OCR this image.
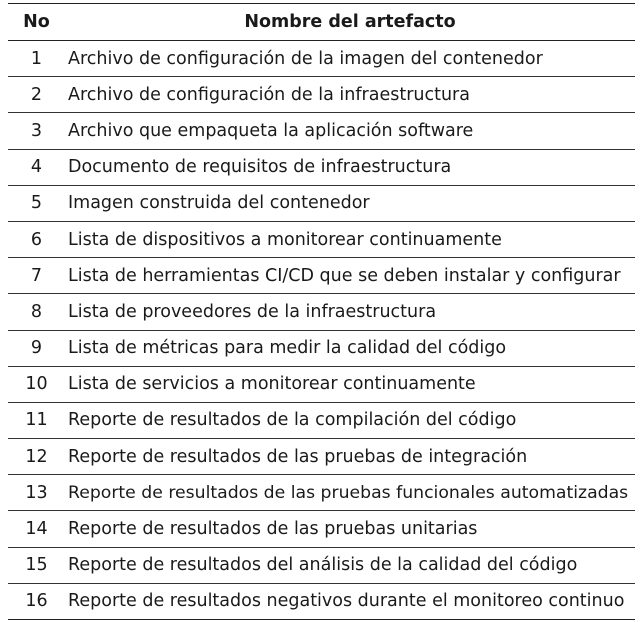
No	Nombre del artefacto
1	Archivo de configuración de la imagen del contenedor
2	Archivo de configuración de la infraestructura
3	Archivo que empaqueta la aplicación software
4	Documento de requisitos de infraestructura
5	Imagen construida del contenedor
6	Lista de dispositivos a monitorear continuamente
7	Lista de herramientas CI/CD que se deben instalar y configurar
8	Lista de proveedores de la infraestructura
9	Lista de métricas para medir la calidad del código
10	Lista de servicios a monitorear continuamente
11	Reporte de resultados de la compilación del código
12	Reporte de resultados de las pruebas de integración
13	Reporte de resultados de las pruebas funcionales automatizadas
14	Reporte de resultados de las pruebas unitarias
15	Reporte de resultados del análisis de la calidad del código
16	Reporte de resultados negativos durante el monitoreo continuo
